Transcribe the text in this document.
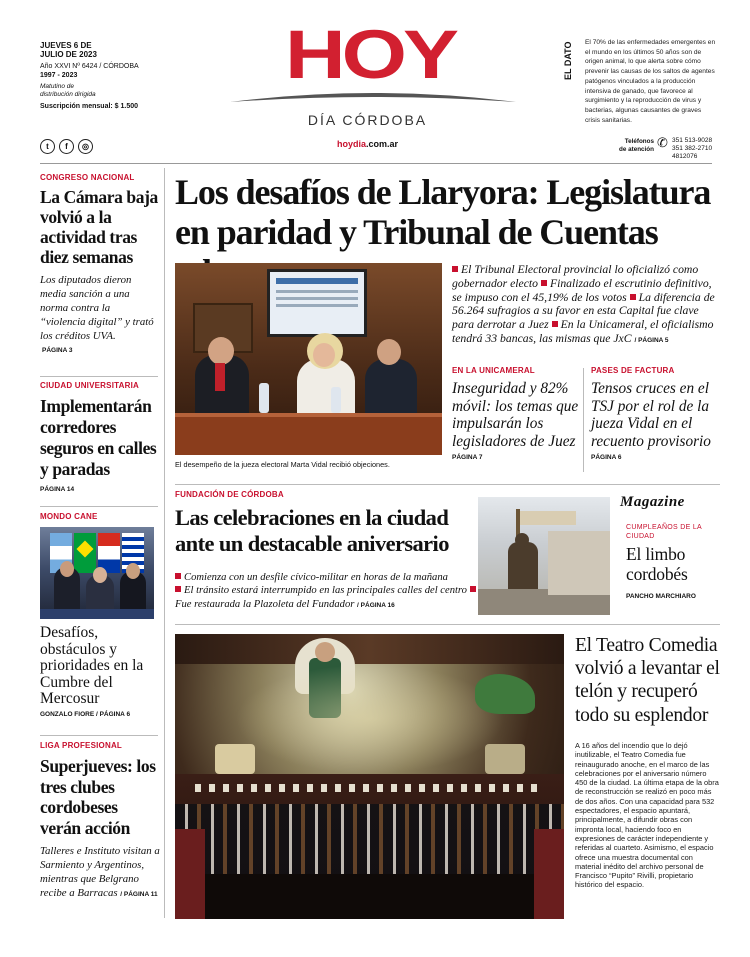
JUEVES 6 DE
JULIO DE 2023
Año XXVI Nº 6424 / CÓRDOBA
1997 - 2023
Matutino de
distribución dirigida
Suscripción mensual: $ 1.500
t	f	◎
HOY
DÍA CÓRDOBA
hoydia.com.ar
EL DATO El 70% de las enfermedades emergentes en el mundo en los últimos 50 años son de origen animal, lo que alerta sobre cómo prevenir las causas de los saltos de agentes patógenos vinculados a la producción intensiva de ganado, que favorece al surgimiento y la reproducción de virus y bacterias, algunas causantes de graves crisis sanitarias.
Teléfonos
de atención ✆ 351 513-9028
351 382-2710
4812076
CONGRESO NACIONAL
La Cámara baja volvió a la actividad tras diez semanas
Los diputados dieron media sanción a una norma contra la “violencia digital” y trató los créditos UVA.
PÁGINA 3
CIUDAD UNIVERSITARIA
Implementarán corredores seguros en calles y paradas
PÁGINA 14
MONDO CANE
Desafíos, obstáculos y prioridades en la Cumbre del Mercosur
GONZALO FIORE / PÁGINA 6
LIGA PROFESIONAL
Superjueves: los tres clubes cordobeses verán acción
Talleres e Instituto visitan a Sarmiento y Argentinos, mientras que Belgrano recibe a Barracas / PÁGINA 11
Los desafíos de Llaryora: Legislatura en paridad y Tribunal de Cuentas
El desempeño de la jueza electoral Marta Vidal recibió objeciones.
El Tribunal Electoral provincial lo oficializó como gobernador electo Finalizado el escrutinio definitivo, se impuso con el 45,19% de los votos La diferencia de 56.264 sufragios a su favor en esta Capital fue clave para derrotar a Juez En la Unicameral, el oficialismo tendrá 33 bancas, las mismas que JxC / PÁGINA 5
EN LA UNICAMERAL
Inseguridad y 82% móvil: los temas que impulsarán los legisladores de Juez
PÁGINA 7
PASES DE FACTURA
Tensos cruces en el TSJ por el rol de la jueza Vidal en el recuento provisorio
PÁGINA 6
FUNDACIÓN DE CÓRDOBA
Las celebraciones en la ciudad ante un destacable aniversario
Comienza con un desfile cívico-militar en horas de la mañana
El tránsito estará interrumpido en las principales calles del centro Fue restaurada la Plazoleta del Fundador / PÁGINA 16
Magazine
CUMPLEAÑOS DE LA CIUDAD
El limbo cordobés
PANCHO MARCHIARO
El Teatro Comedia volvió a levantar el telón y recuperó todo su esplendor
A 16 años del incendio que lo dejó inutilizable, el Teatro Comedia fue reinaugurado anoche, en el marco de las celebraciones por el aniversario número 450 de la ciudad. La última etapa de la obra de reconstrucción se realizó en poco más de dos años. Con una capacidad para 532 espectadores, el espacio apuntará, principalmente, a difundir obras con impronta local, haciendo foco en expresiones de carácter independiente y referidas al cuarteto. Asimismo, el espacio ofrece una muestra documental con material inédito del archivo personal de Francisco “Pupito” Rivilli, propietario histórico del espacio.
